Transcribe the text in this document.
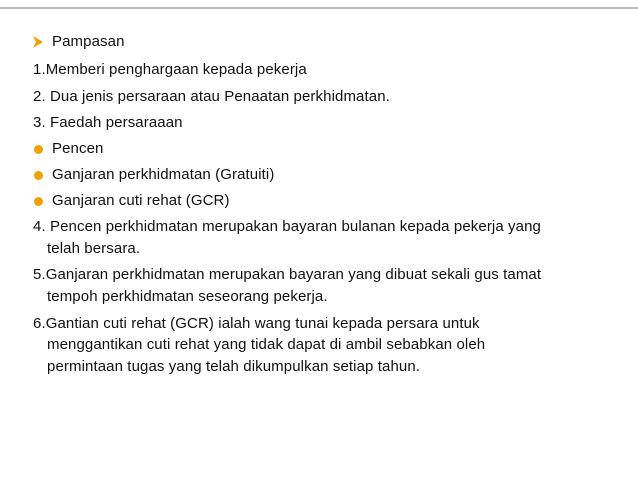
Pampasan
1.Memberi penghargaan kepada pekerja
2. Dua jenis persaraan atau Penaatan perkhidmatan.
3. Faedah persaraaan
Pencen
Ganjaran perkhidmatan (Gratuiti)
Ganjaran cuti rehat (GCR)
4. Pencen perkhidmatan merupakan bayaran bulanan kepada pekerja yang
telah bersara.
5.Ganjaran perkhidmatan merupakan bayaran yang dibuat sekali gus tamat
tempoh perkhidmatan seseorang pekerja.
6.Gantian cuti rehat (GCR) ialah wang tunai kepada persara untuk
menggantikan cuti rehat yang tidak dapat di ambil sebabkan oleh
permintaan tugas yang telah dikumpulkan setiap tahun.
